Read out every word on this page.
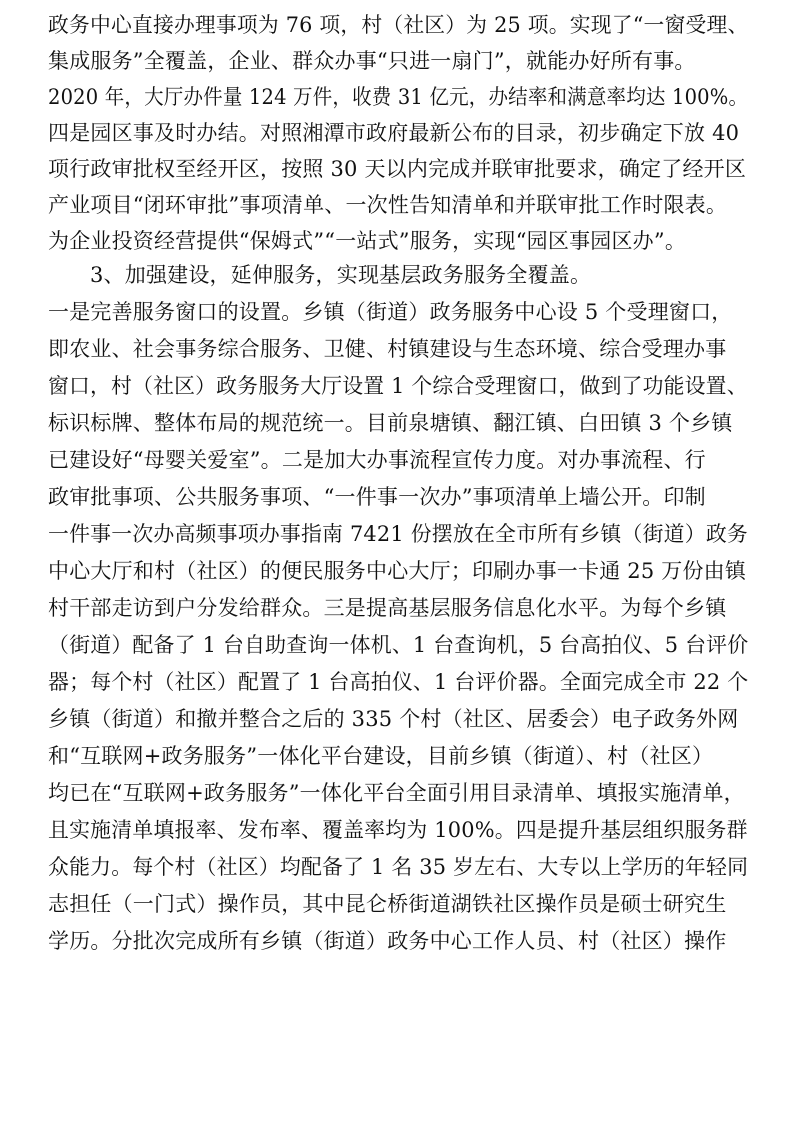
政务中心直接办理事项为 76 项，村（社区）为 25 项。实现了“一窗受理、
集成服务”全覆盖，企业、群众办事“只进一扇门”，就能办好所有事。
2020 年，大厅办件量 124 万件，收费 31 亿元，办结率和满意率均达 100%。
四是园区事及时办结。对照湘潭市政府最新公布的目录，初步确定下放 40
项行政审批权至经开区，按照 30 天以内完成并联审批要求，确定了经开区
产业项目“闭环审批”事项清单、一次性告知清单和并联审批工作时限表。
为企业投资经营提供“保姆式”“一站式”服务，实现“园区事园区办”。
3、加强建设，延伸服务，实现基层政务服务全覆盖。
一是完善服务窗口的设置。乡镇（街道）政务服务中心设 5 个受理窗口，
即农业、社会事务综合服务、卫健、村镇建设与生态环境、综合受理办事
窗口，村（社区）政务服务大厅设置 1 个综合受理窗口，做到了功能设置、
标识标牌、整体布局的规范统一。目前泉塘镇、翻江镇、白田镇 3 个乡镇
已建设好“母婴关爱室”。二是加大办事流程宣传力度。对办事流程、行
政审批事项、公共服务事项、“一件事一次办”事项清单上墙公开。印制
一件事一次办高频事项办事指南 7421 份摆放在全市所有乡镇（街道）政务
中心大厅和村（社区）的便民服务中心大厅；印刷办事一卡通 25 万份由镇
村干部走访到户分发给群众。三是提高基层服务信息化水平。为每个乡镇
（街道）配备了 1 台自助查询一体机、1 台查询机，5 台高拍仪、5 台评价
器；每个村（社区）配置了 1 台高拍仪、1 台评价器。全面完成全市 22 个
乡镇（街道）和撤并整合之后的 335 个村（社区、居委会）电子政务外网
和“互联网+政务服务”一体化平台建设，目前乡镇（街道）、村（社区）
均已在“互联网+政务服务”一体化平台全面引用目录清单、填报实施清单，
且实施清单填报率、发布率、覆盖率均为 100%。四是提升基层组织服务群
众能力。每个村（社区）均配备了 1 名 35 岁左右、大专以上学历的年轻同
志担任（一门式）操作员，其中昆仑桥街道湖铁社区操作员是硕士研究生
学历。分批次完成所有乡镇（街道）政务中心工作人员、村（社区）操作
